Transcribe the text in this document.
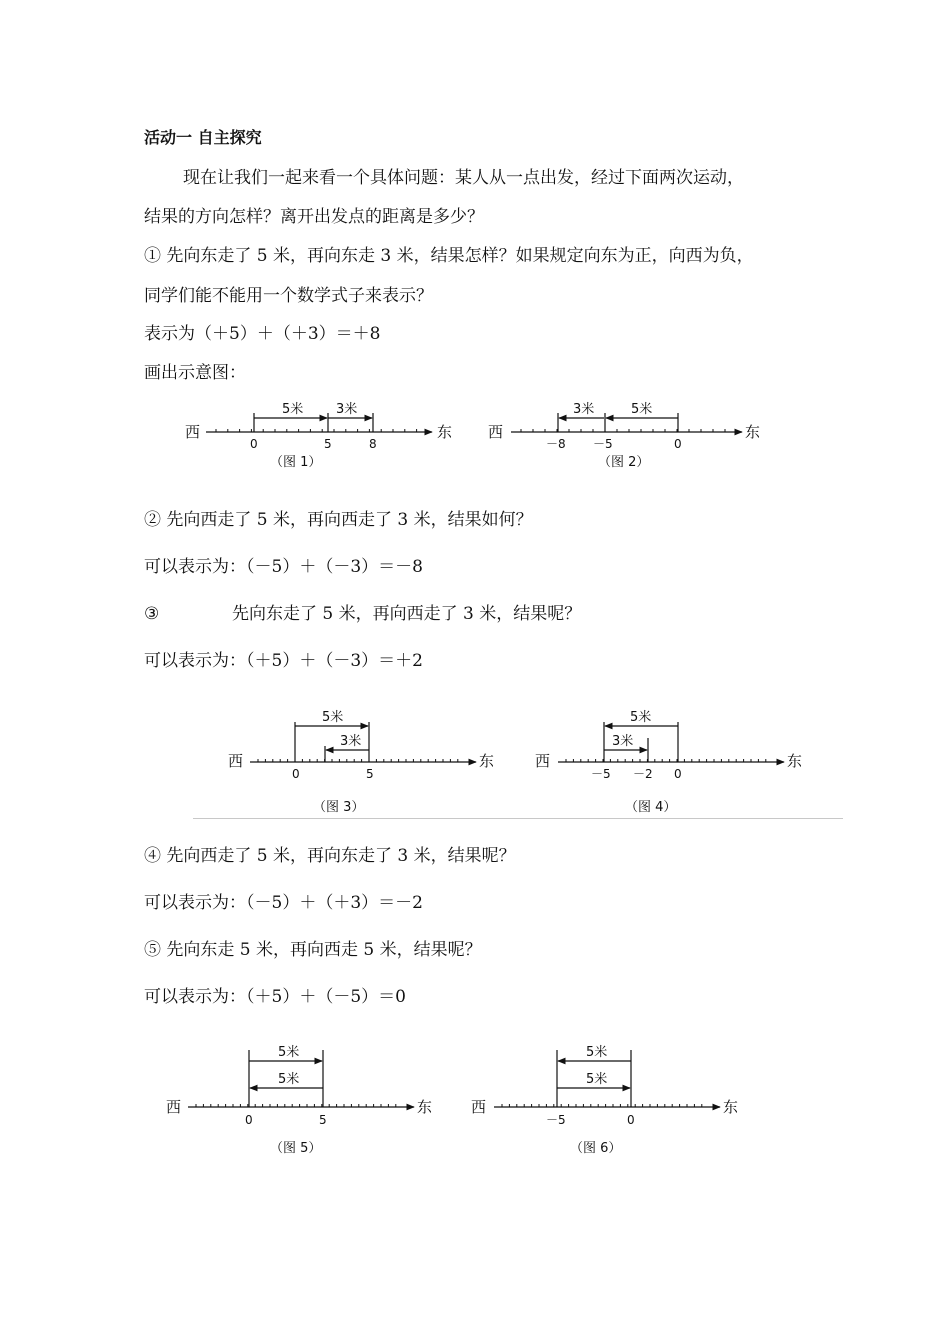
活动一 自主探究
现在让我们一起来看一个具体问题：某人从一点出发，经过下面两次运动，
结果的方向怎样？离开出发点的距离是多少？
① 先向东走了 5 米，再向东走 3 米，结果怎样？如果规定向东为正，向西为负，
同学们能不能用一个数学式子来表示？
表示为（＋5）＋（＋3）＝＋8
画出示意图：
西	东
5米	3米
0	5	8
（图 1）
西	东
5米
3米
－8 －5	0
（图 2）
西	东
5米
3米
0	5
（图 3）
西	东
5米
3米
－5 －2 0
（图 4）
西	东
5米
5米
0	5
（图 5）
西	东
5米
5米
－5	0
（图 6）
② 先向西走了 5 米，再向西走了 3 米，结果如何？
可以表示为：（－5）＋（－3）＝－8
③	先向东走了 5 米，再向西走了 3 米，结果呢？
可以表示为：（＋5）＋（－3）＝＋2
④ 先向西走了 5 米，再向东走了 3 米，结果呢？
可以表示为：（－5）＋（＋3）＝－2
⑤ 先向东走 5 米，再向西走 5 米，结果呢？
可以表示为：（＋5）＋（－5）＝0
